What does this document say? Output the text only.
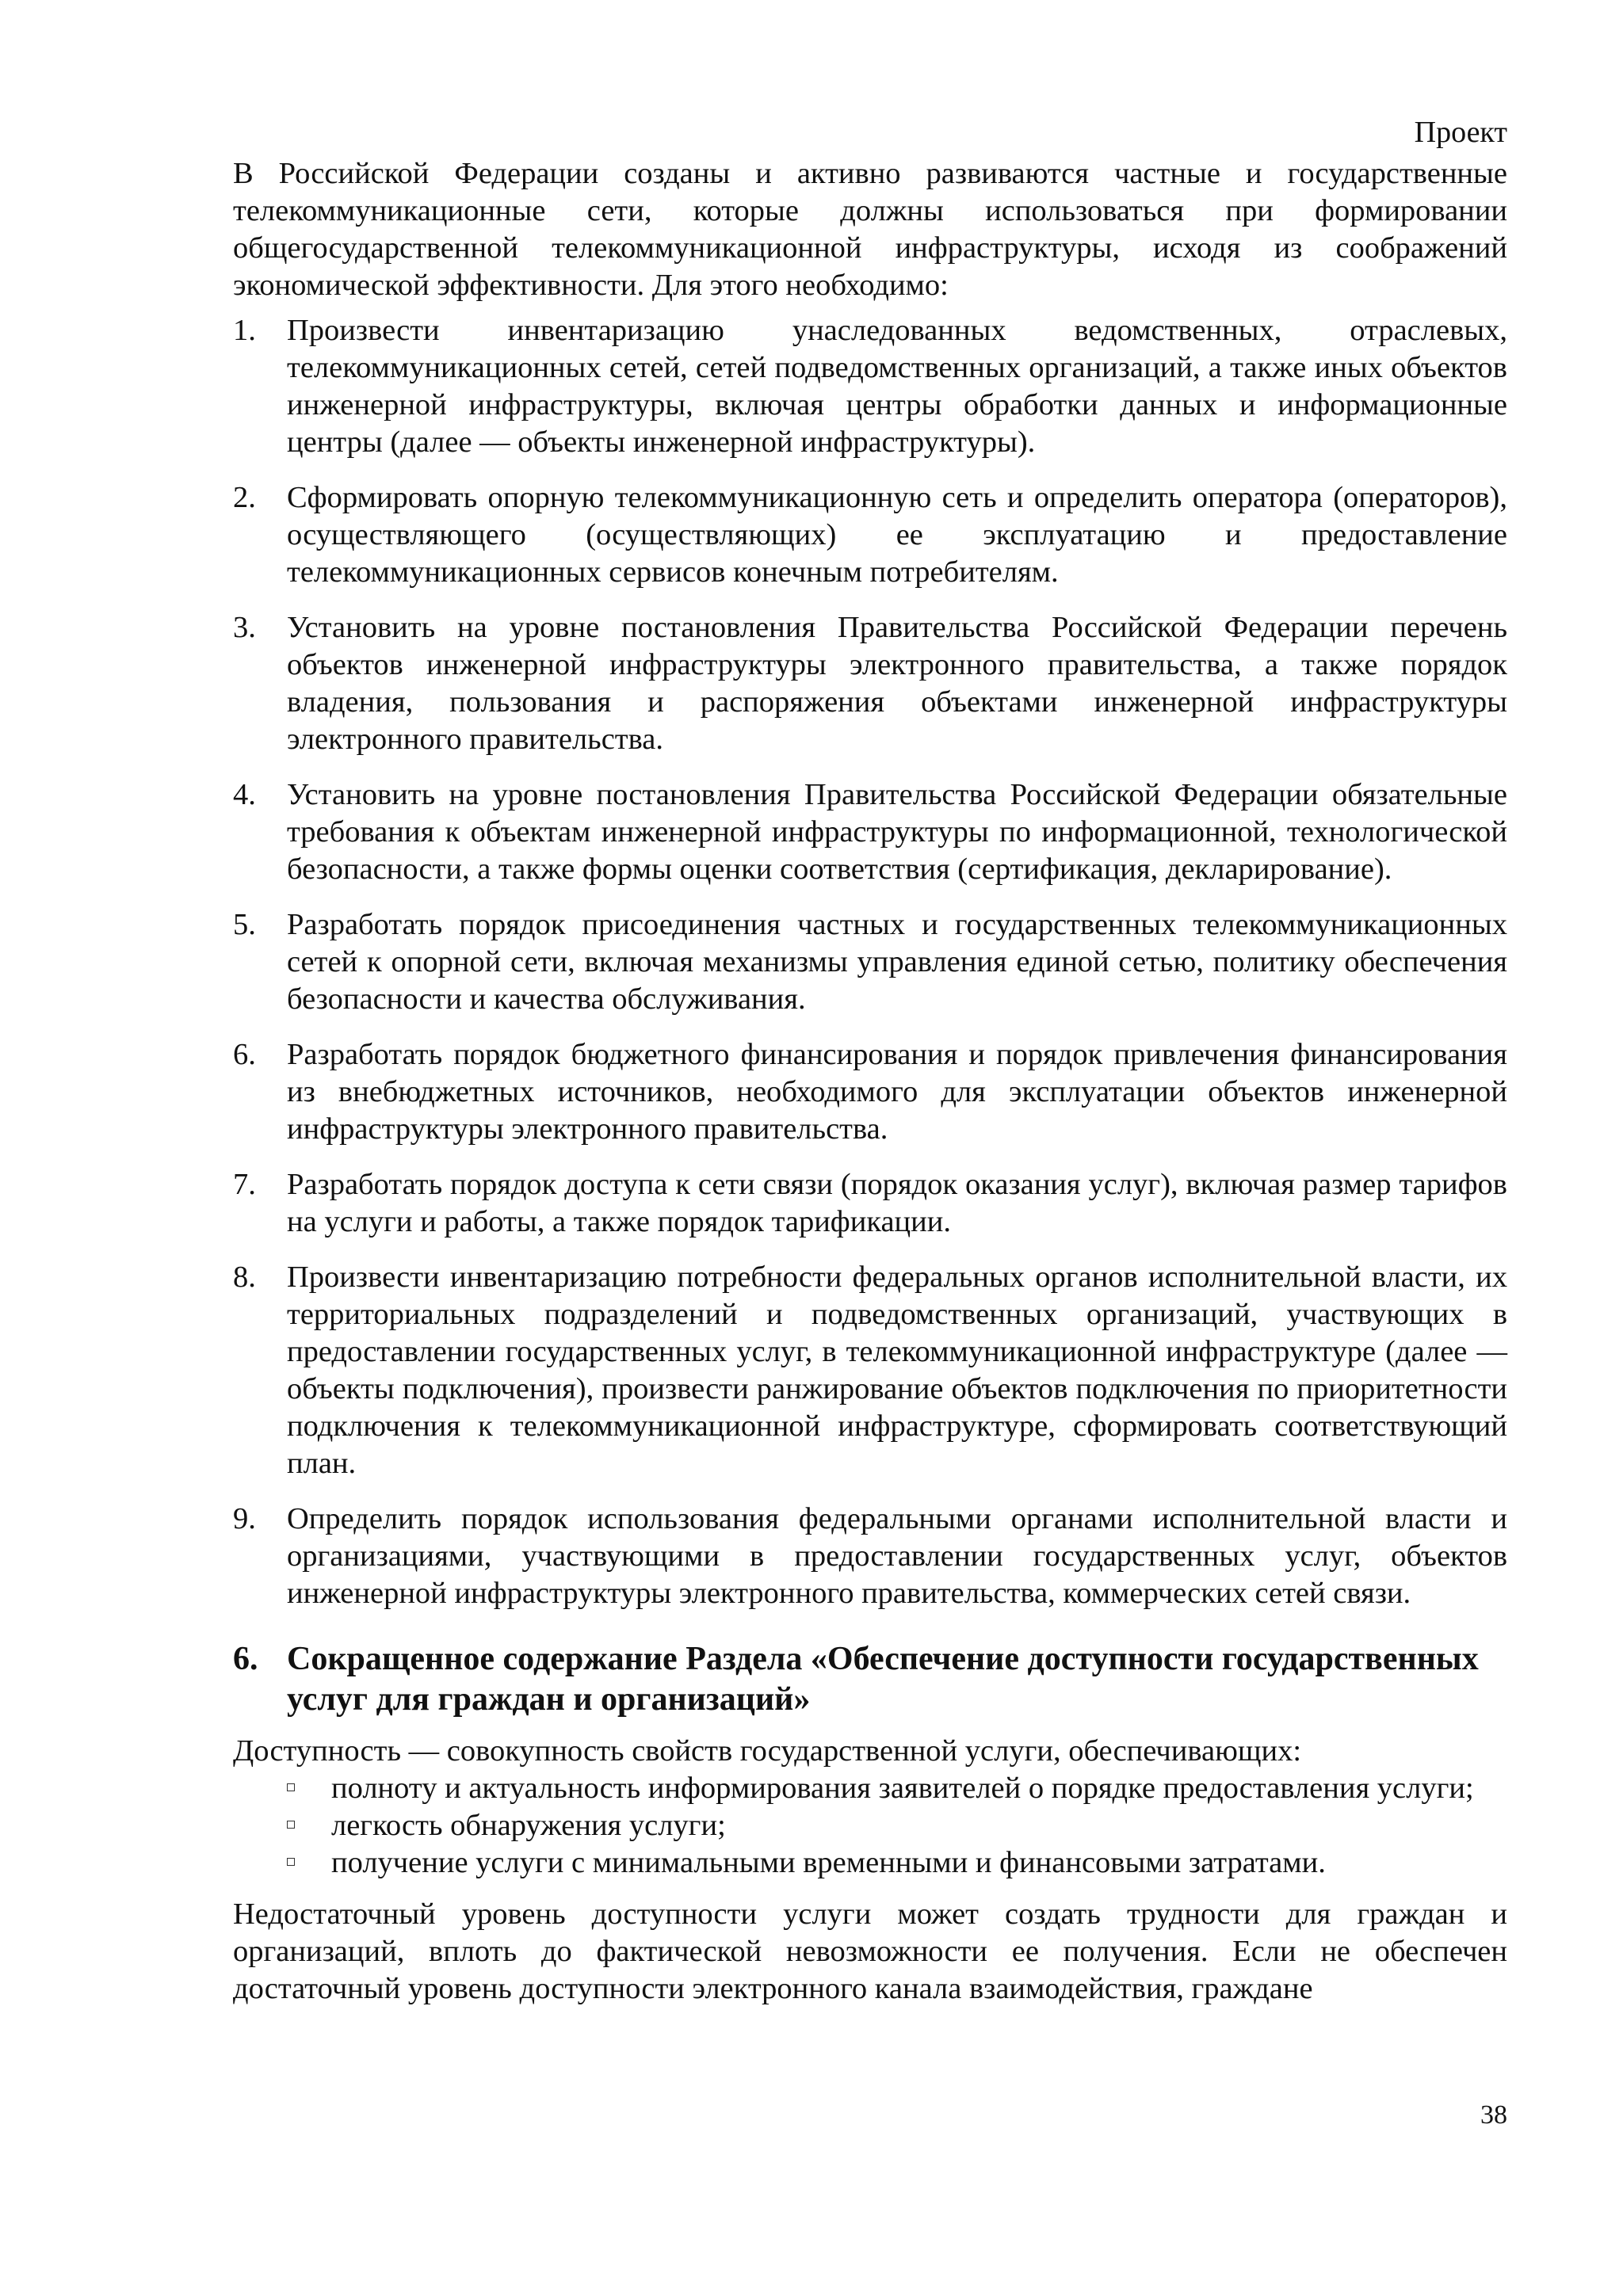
Проект

В Российской Федерации созданы и активно развиваются частные и государственные телекоммуникационные сети, которые должны использоваться при формировании общегосударственной телекоммуникационной инфраструктуры, исходя из соображений экономической эффективности. Для этого необходимо:

1. Произвести инвентаризацию унаследованных ведомственных, отраслевых, телекоммуникационных сетей, сетей подведомственных организаций, а также иных объектов инженерной инфраструктуры, включая центры обработки данных и информационные центры (далее — объекты инженерной инфраструктуры).
2. Сформировать опорную телекоммуникационную сеть и определить оператора (операторов), осуществляющего (осуществляющих) ее эксплуатацию и предоставление телекоммуникационных сервисов конечным потребителям.
3. Установить на уровне постановления Правительства Российской Федерации перечень объектов инженерной инфраструктуры электронного правительства, а также порядок владения, пользования и распоряжения объектами инженерной инфраструктуры электронного правительства.
4. Установить на уровне постановления Правительства Российской Федерации обязательные требования к объектам инженерной инфраструктуры по информационной, технологической безопасности, а также формы оценки соответствия (сертификация, декларирование).
5. Разработать порядок присоединения частных и государственных телекоммуникационных сетей к опорной сети, включая механизмы управления единой сетью, политику обеспечения безопасности и качества обслуживания.
6. Разработать порядок бюджетного финансирования и порядок привлечения финансирования из внебюджетных источников, необходимого для эксплуатации объектов инженерной инфраструктуры электронного правительства.
7. Разработать порядок доступа к сети связи (порядок оказания услуг), включая размер тарифов на услуги и работы, а также порядок тарификации.
8. Произвести инвентаризацию потребности федеральных органов исполнительной власти, их территориальных подразделений и подведомственных организаций, участвующих в предоставлении государственных услуг, в телекоммуникационной инфраструктуре (далее — объекты подключения), произвести ранжирование объектов подключения по приоритетности подключения к телекоммуникационной инфраструктуре, сформировать соответствующий план.
9. Определить порядок использования федеральными органами исполнительной власти и организациями, участвующими в предоставлении государственных услуг, объектов инженерной инфраструктуры электронного правительства, коммерческих сетей связи.
6. Сокращенное содержание Раздела «Обеспечение доступности государственных услуг для граждан и организаций»

Доступность — совокупность свойств государственной услуги, обеспечивающих:

полноту и актуальность информирования заявителей о порядке предоставления услуги;
легкость обнаружения услуги;
получение услуги с минимальными временными и финансовыми затратами.

Недостаточный уровень доступности услуги может создать трудности для граждан и организаций, вплоть до фактической невозможности ее получения. Если не обеспечен достаточный уровень доступности электронного канала взаимодействия, граждане

38
